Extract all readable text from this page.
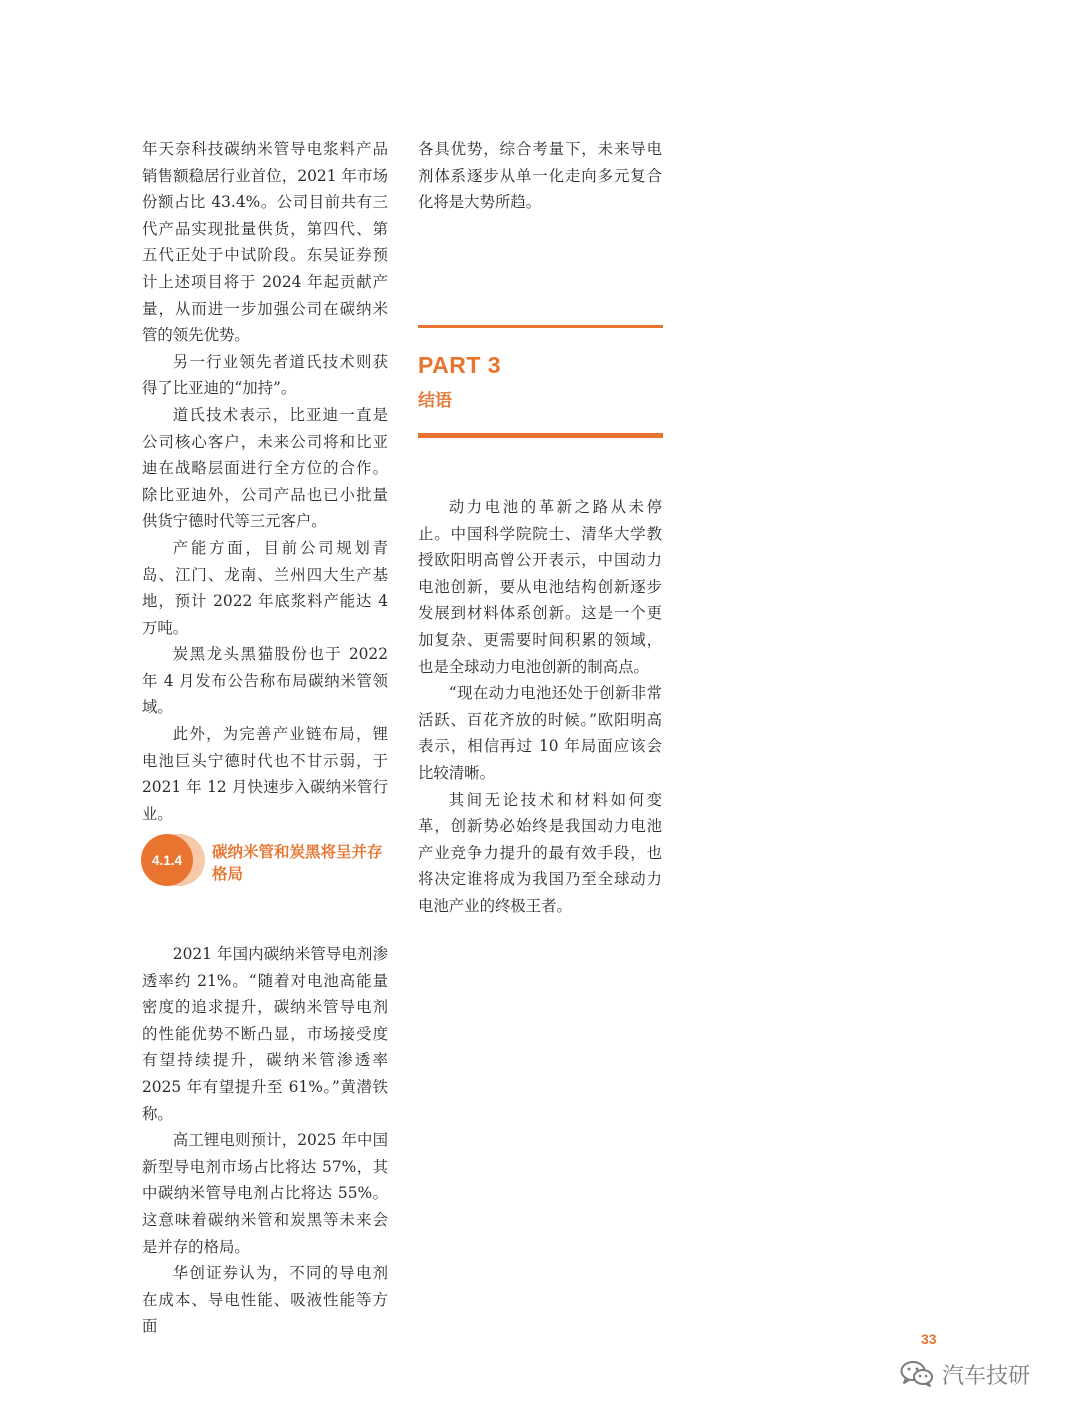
年天奈科技碳纳米管导电浆料产品销售额稳居行业首位，2021 年市场份额占比 43.4%。公司目前共有三代产品实现批量供货，第四代、第五代正处于中试阶段。东吴证券预计上述项目将于 2024 年起贡献产量，从而进一步加强公司在碳纳米管的领先优势。

另一行业领先者道氏技术则获得了比亚迪的“加持”。

道氏技术表示，比亚迪一直是公司核心客户，未来公司将和比亚迪在战略层面进行全方位的合作。除比亚迪外，公司产品也已小批量供货宁德时代等三元客户。

产能方面，目前公司规划青岛、江门、龙南、兰州四大生产基地，预计 2022 年底浆料产能达 4 万吨。

炭黑龙头黑猫股份也于 2022 年 4 月发布公告称布局碳纳米管领域。

此外，为完善产业链布局，锂电池巨头宁德时代也不甘示弱，于 2021 年 12 月快速步入碳纳米管行业。

4.1.4	碳纳米管和炭黑将呈并存格局

2021 年国内碳纳米管导电剂渗透率约 21%。“随着对电池高能量密度的追求提升，碳纳米管导电剂的性能优势不断凸显，市场接受度有望持续提升，碳纳米管渗透率 2025 年有望提升至 61%。”黄潜铁称。

高工锂电则预计，2025 年中国新型导电剂市场占比将达 57%，其中碳纳米管导电剂占比将达 55%。这意味着碳纳米管和炭黑等未来会是并存的格局。

华创证券认为，不同的导电剂在成本、导电性能、吸液性能等方面

各具优势，综合考量下，未来导电剂体系逐步从单一化走向多元复合化将是大势所趋。

PART 3
结语

动力电池的革新之路从未停止。中国科学院院士、清华大学教授欧阳明高曾公开表示，中国动力电池创新，要从电池结构创新逐步发展到材料体系创新。这是一个更加复杂、更需要时间积累的领域，也是全球动力电池创新的制高点。

“现在动力电池还处于创新非常活跃、百花齐放的时候。”欧阳明高表示，相信再过 10 年局面应该会比较清晰。

其间无论技术和材料如何变革，创新势必始终是我国动力电池产业竞争力提升的最有效手段，也将决定谁将成为我国乃至全球动力电池产业的终极王者。

33
汽车技研
